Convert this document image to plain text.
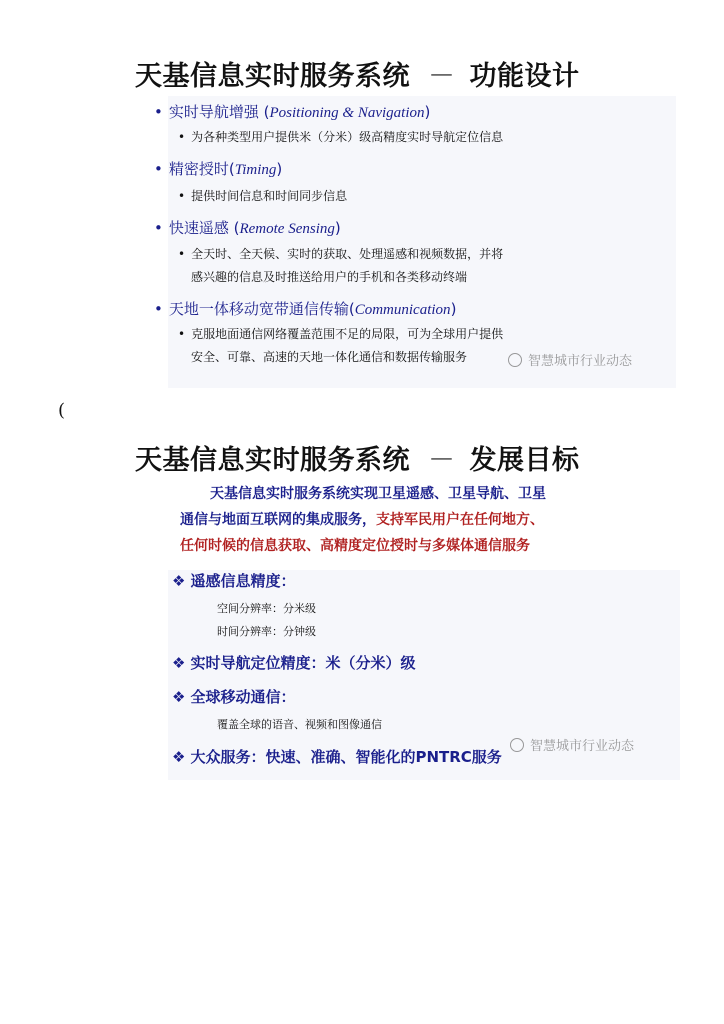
天基信息实时服务系统 － 功能设计
• 实时导航增强 (Positioning & Navigation)
• 为各种类型用户提供米（分米）级高精度实时导航定位信息
• 精密授时(Timing)
• 提供时间信息和时间同步信息
• 快速遥感 (Remote Sensing)
• 全天时、全天候、实时的获取、处理遥感和视频数据，并将
感兴趣的信息及时推送给用户的手机和各类移动终端
• 天地一体移动宽带通信传输(Communication)
• 克服地面通信网络覆盖范围不足的局限，可为全球用户提供
安全、可靠、高速的天地一体化通信和数据传输服务	智慧城市行业动态
(
天基信息实时服务系统 － 发展目标
天基信息实时服务系统实现卫星遥感、卫星导航、卫星
通信与地面互联网的集成服务，支持军民用户在任何地方、
任何时候的信息获取、高精度定位授时与多媒体通信服务
❖ 遥感信息精度：
空间分辨率：分米级
时间分辨率：分钟级
❖ 实时导航定位精度：米（分米）级
❖ 全球移动通信：
覆盖全球的语音、视频和图像通信
❖ 大众服务：快速、准确、智能化的PNTRC服务
智慧城市行业动态
